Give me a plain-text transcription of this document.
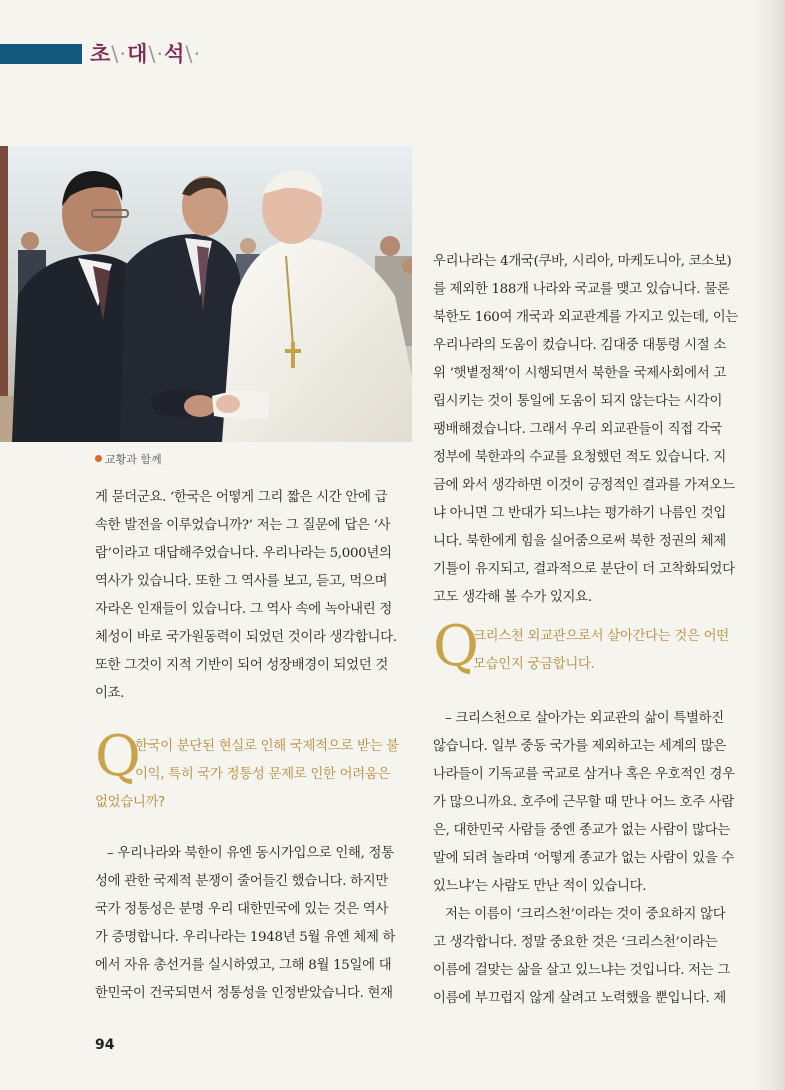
초\·대\·석\·
교황과 함께

게 묻더군요. ‘한국은 어떻게 그리 짧은 시간 안에 급

속한 발전을 이루었습니까?’ 저는 그 질문에 답은 ‘사

람’이라고 대답해주었습니다. 우리나라는 5,000년의

역사가 있습니다. 또한 그 역사를 보고, 듣고, 먹으며

자라온 인재들이 있습니다. 그 역사 속에 녹아내린 정

체성이 바로 국가원동력이 되었던 것이라 생각합니다.

또한 그것이 지적 기반이 되어 성장배경이 되었던 것

이죠.

Q

한국이 분단된 현실로 인해 국제적으로 받는 불

이익, 특히 국가 정통성 문제로 인한 어려움은

없었습니까?

– 우리나라와 북한이 유엔 동시가입으로 인해, 정통

성에 관한 국제적 분쟁이 줄어들긴 했습니다. 하지만

국가 정통성은 분명 우리 대한민국에 있는 것은 역사

가 증명합니다. 우리나라는 1948년 5월 유엔 체제 하

에서 자유 총선거를 실시하였고, 그해 8월 15일에 대

한민국이 건국되면서 정통성을 인정받았습니다. 현재

우리나라는 4개국(쿠바, 시리아, 마케도니아, 코소보)

를 제외한 188개 나라와 국교를 맺고 있습니다. 물론

북한도 160여 개국과 외교관계를 가지고 있는데, 이는

우리나라의 도움이 컸습니다. 김대중 대통령 시절 소

위 ‘햇볕정책’이 시행되면서 북한을 국제사회에서 고

립시키는 것이 통일에 도움이 되지 않는다는 시각이

팽배해졌습니다. 그래서 우리 외교관들이 직접 각국

정부에 북한과의 수교를 요청했던 적도 있습니다. 지

금에 와서 생각하면 이것이 긍정적인 결과를 가져오느

냐 아니면 그 반대가 되느냐는 평가하기 나름인 것입

니다. 북한에게 힘을 실어줌으로써 북한 정권의 체제

기틀이 유지되고, 결과적으로 분단이 더 고착화되었다

고도 생각해 볼 수가 있지요.

Q

크리스천 외교관으로서 살아간다는 것은 어떤

모습인지 궁금합니다.

– 크리스천으로 살아가는 외교관의 삶이 특별하진

않습니다. 일부 중동 국가를 제외하고는 세계의 많은

나라들이 기독교를 국교로 삼거나 혹은 우호적인 경우

가 많으니까요. 호주에 근무할 때 만나 어느 호주 사람

은, 대한민국 사람들 중엔 종교가 없는 사람이 많다는

말에 되려 놀라며 ‘어떻게 종교가 없는 사람이 있을 수

있느냐’는 사람도 만난 적이 있습니다.

저는 이름이 ‘크리스천’이라는 것이 중요하지 않다

고 생각합니다. 정말 중요한 것은 ‘크리스천’이라는

이름에 걸맞는 삶을 살고 있느냐는 것입니다. 저는 그

이름에 부끄럽지 않게 살려고 노력했을 뿐입니다. 제

94
